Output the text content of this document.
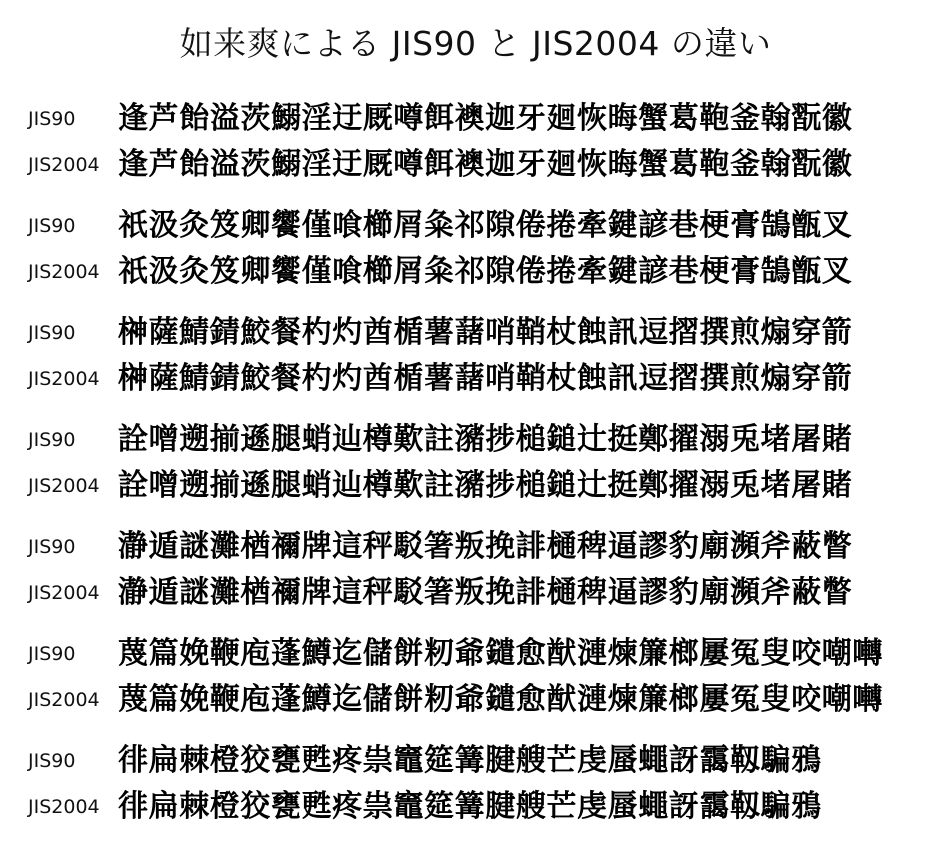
如来爽による JIS90 と JIS2004 の違い
JIS90	逢芦飴溢茨鰯淫迂厩噂餌襖迦牙廻恢晦蟹葛鞄釜翰翫徽
JIS2004 逢芦飴溢茨鰯淫迂厩噂餌襖迦牙廻恢晦蟹葛鞄釜翰翫徽
JIS90	祇汲灸笈卿饗僅喰櫛屑粂祁隙倦捲牽鍵諺巷梗膏鵠甑叉
JIS2004 祇汲灸笈卿饗僅喰櫛屑粂祁隙倦捲牽鍵諺巷梗膏鵠甑叉
JIS90	榊薩鯖錆鮫餐杓灼酋楯薯藷哨鞘杖蝕訊逗摺撰煎煽穿箭
JIS2004 榊薩鯖錆鮫餐杓灼酋楯薯藷哨鞘杖蝕訊逗摺撰煎煽穿箭
JIS90	詮噌遡揃遜腿蛸辿樽歎註瀦捗槌鎚辻挺鄭擢溺兎堵屠賭
JIS2004 詮噌遡揃遜腿蛸辿樽歎註瀦捗槌鎚辻挺鄭擢溺兎堵屠賭
JIS90	瀞遁謎灘楢禰牌這秤駁箸叛挽誹樋稗逼謬豹廟瀕斧蔽瞥
JIS2004 瀞遁謎灘楢禰牌這秤駁箸叛挽誹樋稗逼謬豹廟瀕斧蔽瞥
JIS90	蔑篇娩鞭庖蓬鱒迄儲餅籾爺鑓愈猷漣煉簾榔屢冤叟咬嘲囀
JIS2004 蔑篇娩鞭庖蓬鱒迄儲餅籾爺鑓愈猷漣煉簾榔屢冤叟咬嘲囀
JIS90	徘扁棘橙狡甕甦疼祟竈筵篝腱艘芒虔蜃蠅訝靄靱騙鴉
JIS2004 徘扁棘橙狡甕甦疼祟竈筵篝腱艘芒虔蜃蠅訝靄靱騙鴉
